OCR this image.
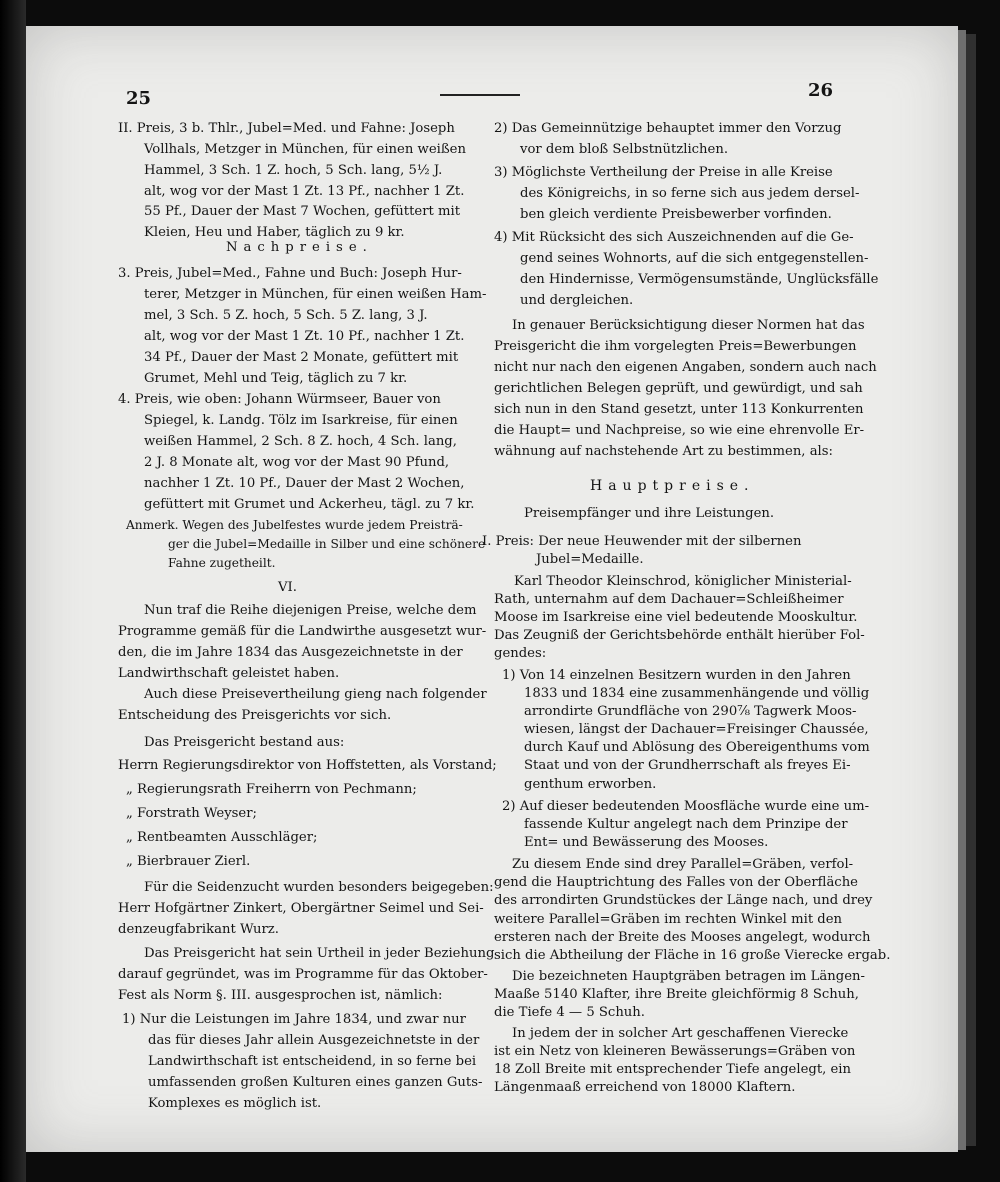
25	26
II. Preis, 3 b. Thlr., Jubel=Med. und Fahne: Joseph
Vollhals, Metzger in München, für einen weißen
Hammel, 3 Sch. 1 Z. hoch, 5 Sch. lang, 5½ J.
alt, wog vor der Mast 1 Zt. 13 Pf., nachher 1 Zt.
55 Pf., Dauer der Mast 7 Wochen, gefüttert mit
Kleien, Heu und Haber, täglich zu 9 kr.
Nachpreise.
3. Preis, Jubel=Med., Fahne und Buch: Joseph Hur-
terer, Metzger in München, für einen weißen Ham-
mel, 3 Sch. 5 Z. hoch, 5 Sch. 5 Z. lang, 3 J.
alt, wog vor der Mast 1 Zt. 10 Pf., nachher 1 Zt.
34 Pf., Dauer der Mast 2 Monate, gefüttert mit
Grumet, Mehl und Teig, täglich zu 7 kr.
4. Preis, wie oben: Johann Würmseer, Bauer von
Spiegel, k. Landg. Tölz im Isarkreise, für einen
weißen Hammel, 2 Sch. 8 Z. hoch, 4 Sch. lang,
2 J. 8 Monate alt, wog vor der Mast 90 Pfund,
nachher 1 Zt. 10 Pf., Dauer der Mast 2 Wochen,
gefüttert mit Grumet und Ackerheu, tägl. zu 7 kr.
Anmerk. Wegen des Jubelfestes wurde jedem Preisträ-
ger die Jubel=Medaille in Silber und eine schönere
Fahne zugetheilt.
VI.
Nun traf die Reihe diejenigen Preise, welche dem
Programme gemäß für die Landwirthe ausgesetzt wur-
den, die im Jahre 1834 das Ausgezeichnetste in der
Landwirthschaft geleistet haben.
Auch diese Preisevertheilung gieng nach folgender
Entscheidung des Preisgerichts vor sich.
Das Preisgericht bestand aus:
Herrn Regierungsdirektor von Hoffstetten, als Vorstand;
„ Regierungsrath Freiherrn von Pechmann;
„ Forstrath Weyser;
„ Rentbeamten Ausschläger;
„ Bierbrauer Zierl.
Für die Seidenzucht wurden besonders beigegeben:
Herr Hofgärtner Zinkert, Obergärtner Seimel und Sei-
denzeugfabrikant Wurz.
Das Preisgericht hat sein Urtheil in jeder Beziehung
darauf gegründet, was im Programme für das Oktober-
Fest als Norm §. III. ausgesprochen ist, nämlich:
1) Nur die Leistungen im Jahre 1834, und zwar nur
das für dieses Jahr allein Ausgezeichnetste in der
Landwirthschaft ist entscheidend, in so ferne bei
umfassenden großen Kulturen eines ganzen Guts-
Komplexes es möglich ist.
2) Das Gemeinnützige behauptet immer den Vorzug
vor dem bloß Selbstnützlichen.
3) Möglichste Vertheilung der Preise in alle Kreise
des Königreichs, in so ferne sich aus jedem dersel-
ben gleich verdiente Preisbewerber vorfinden.
4) Mit Rücksicht des sich Auszeichnenden auf die Ge-
gend seines Wohnorts, auf die sich entgegenstellen-
den Hindernisse, Vermögensumstände, Unglücksfälle
und dergleichen.
In genauer Berücksichtigung dieser Normen hat das
Preisgericht die ihm vorgelegten Preis=Bewerbungen
nicht nur nach den eigenen Angaben, sondern auch nach
gerichtlichen Belegen geprüft, und gewürdigt, und sah
sich nun in den Stand gesetzt, unter 113 Konkurrenten
die Haupt= und Nachpreise, so wie eine ehrenvolle Er-
wähnung auf nachstehende Art zu bestimmen, als:
Hauptpreise.
Preisempfänger und ihre Leistungen.
I. Preis: Der neue Heuwender mit der silbernen
Jubel=Medaille.
Karl Theodor Kleinschrod, königlicher Ministerial-
Rath, unternahm auf dem Dachauer=Schleißheimer
Moose im Isarkreise eine viel bedeutende Mooskultur.
Das Zeugniß der Gerichtsbehörde enthält hierüber Fol-
gendes:
1) Von 14 einzelnen Besitzern wurden in den Jahren
1833 und 1834 eine zusammenhängende und völlig
arrondirte Grundfläche von 290⅞ Tagwerk Moos-
wiesen, längst der Dachauer=Freisinger Chaussée,
durch Kauf und Ablösung des Obereigenthums vom
Staat und von der Grundherrschaft als freyes Ei-
genthum erworben.
2) Auf dieser bedeutenden Moosfläche wurde eine um-
fassende Kultur angelegt nach dem Prinzipe der
Ent= und Bewässerung des Mooses.
Zu diesem Ende sind drey Parallel=Gräben, verfol-
gend die Hauptrichtung des Falles von der Oberfläche
des arrondirten Grundstückes der Länge nach, und drey
weitere Parallel=Gräben im rechten Winkel mit den
ersteren nach der Breite des Mooses angelegt, wodurch
sich die Abtheilung der Fläche in 16 große Vierecke ergab.
Die bezeichneten Hauptgräben betragen im Längen-
Maaße 5140 Klafter, ihre Breite gleichförmig 8 Schuh,
die Tiefe 4 — 5 Schuh.
In jedem der in solcher Art geschaffenen Vierecke
ist ein Netz von kleineren Bewässerungs=Gräben von
18 Zoll Breite mit entsprechender Tiefe angelegt, ein
Längenmaaß erreichend von 18000 Klaftern.
